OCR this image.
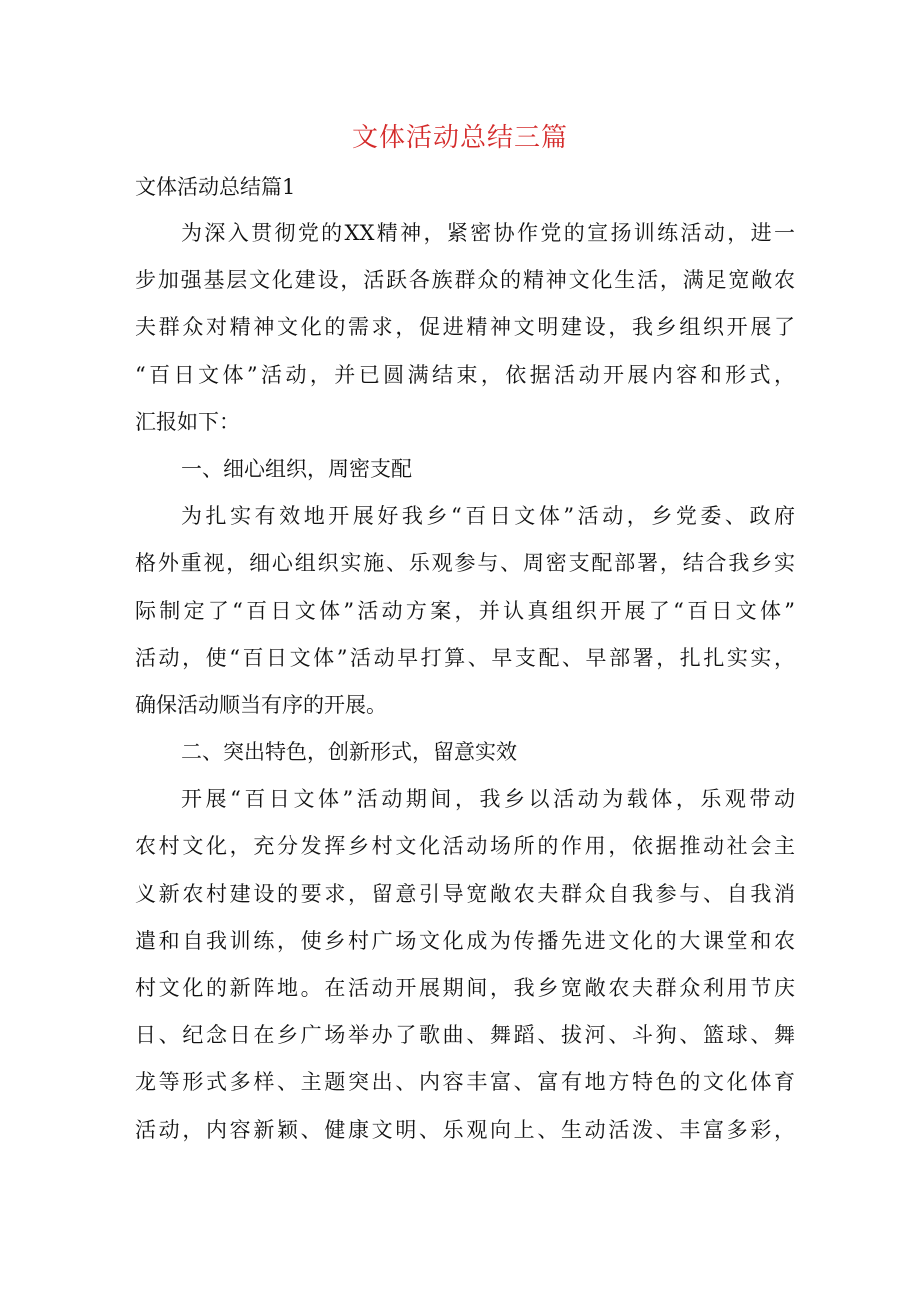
文体活动总结三篇
文体活动总结篇1
为深入贯彻党的XX精神，紧密协作党的宣扬训练活动，进一
步加强基层文化建设，活跃各族群众的精神文化生活，满足宽敞农
夫群众对精神文化的需求，促进精神文明建设，我乡组织开展了
“百日文体”活动，并已圆满结束，依据活动开展内容和形式，
汇报如下：
一、细心组织，周密支配
为扎实有效地开展好我乡“百日文体”活动，乡党委、政府
格外重视，细心组织实施、乐观参与、周密支配部署，结合我乡实
际制定了“百日文体”活动方案，并认真组织开展了“百日文体”
活动，使“百日文体”活动早打算、早支配、早部署，扎扎实实，
确保活动顺当有序的开展。
二、突出特色，创新形式，留意实效
开展“百日文体”活动期间，我乡以活动为载体，乐观带动
农村文化，充分发挥乡村文化活动场所的作用，依据推动社会主
义新农村建设的要求，留意引导宽敞农夫群众自我参与、自我消
遣和自我训练，使乡村广场文化成为传播先进文化的大课堂和农
村文化的新阵地。在活动开展期间，我乡宽敞农夫群众利用节庆
日、纪念日在乡广场举办了歌曲、舞蹈、拔河、斗狗、篮球、舞
龙等形式多样、主题突出、内容丰富、富有地方特色的文化体育
活动，内容新颖、健康文明、乐观向上、生动活泼、丰富多彩，
